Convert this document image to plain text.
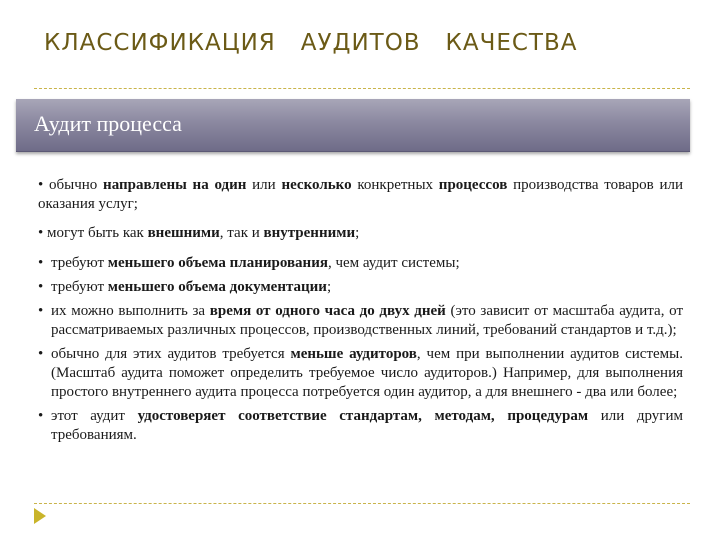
КЛАССИФИКАЦИЯ   АУДИТОВ   КАЧЕСТВА
Аудит процесса

• обычно направлены на один или несколько конкретных процессов производства товаров или оказания услуг;

• могут быть как внешними, так и внутренними;

• требуют меньшего объема планирования, чем аудит системы;
• требуют меньшего объема документации;
• их можно выполнить за время от одного часа до двух дней (это зависит от масштаба аудита, от рассматриваемых различных процессов, производственных линий, требований стандартов и т.д.);
• обычно для этих аудитов требуется меньше аудиторов, чем при выполнении аудитов системы. (Масштаб аудита поможет определить требуемое число аудиторов.) Например, для выполнения простого внутреннего аудита процесса потребуется один аудитор, а для внешнего - два или более;
• этот аудит удостоверяет соответствие стандартам, методам, процедурам или другим требованиям.
